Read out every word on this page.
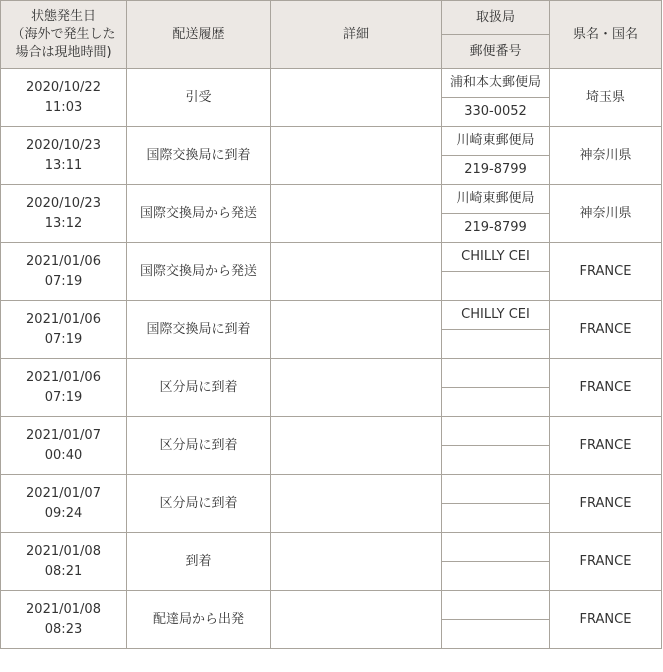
状態発生日
（海外で発生した
場合は現地時間)	配送履歴	詳細	取扱局	県名・国名
			郵便番号	

2020/10/22
11:03	引受		浦和本太郵便局	埼玉県
			330-0052	

2020/10/23
13:11	国際交換局に到着		川崎東郵便局	神奈川県
			219-8799	

2020/10/23
13:12	国際交換局から発送		川崎東郵便局	神奈川県
			219-8799	

2021/01/06
07:19	国際交換局から発送		CHILLY CEI	FRANCE

2021/01/06
07:19	国際交換局に到着		CHILLY CEI	FRANCE

2021/01/06
07:19	区分局に到着			FRANCE

2021/01/07
00:40	区分局に到着			FRANCE

2021/01/07
09:24	区分局に到着			FRANCE

2021/01/08
08:21	到着			FRANCE

2021/01/08
08:23	配達局から出発			FRANCE
